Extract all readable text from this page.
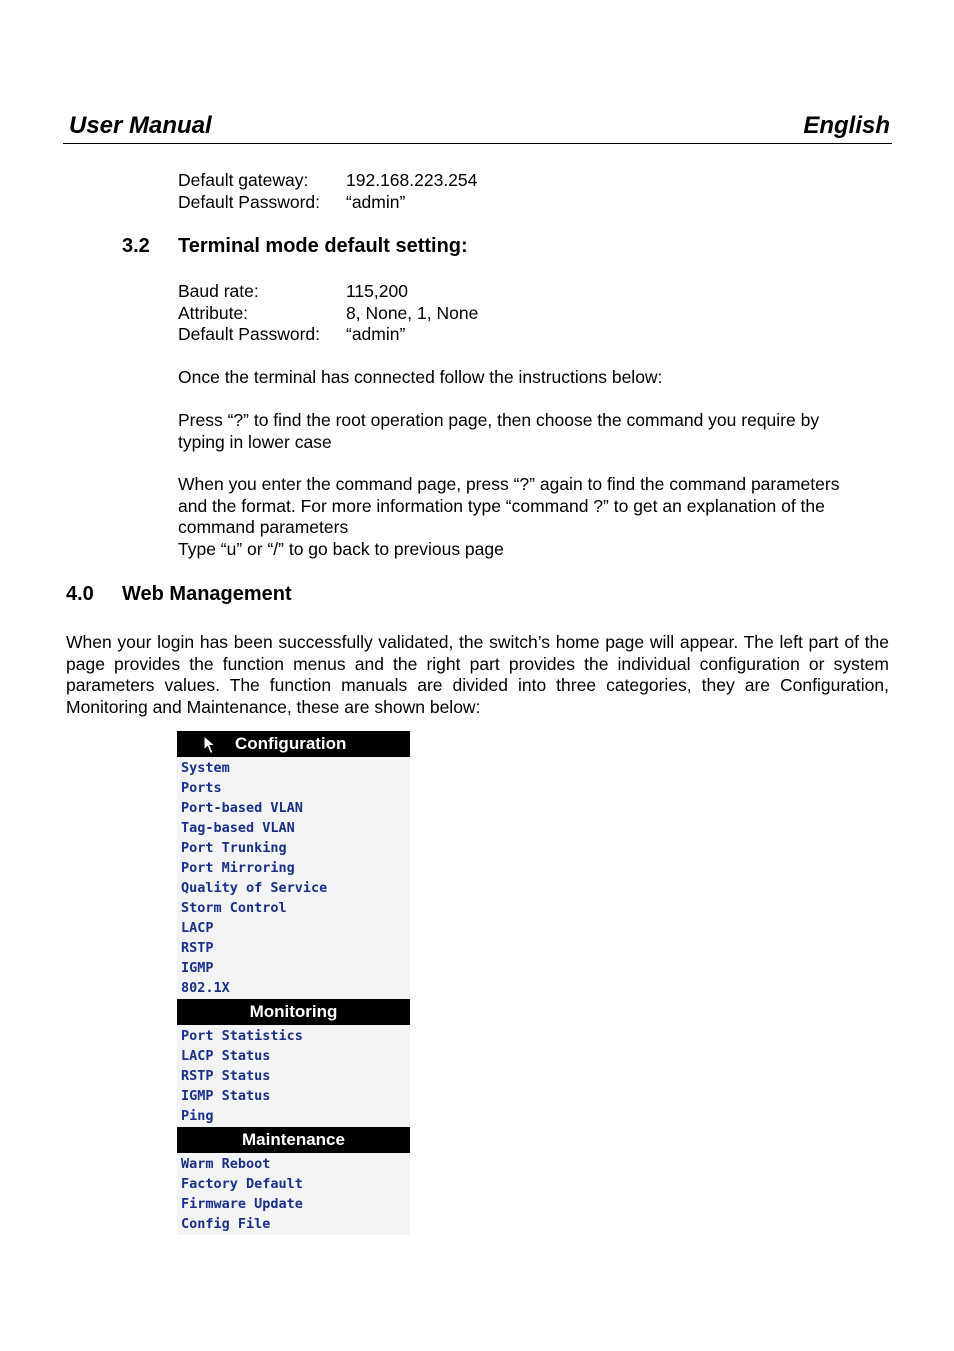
User Manual	English
Default gateway: 192.168.223.254
Default Password: “admin”
3.2 Terminal mode default setting:
Baud rate:	115,200
Attribute:	8, None, 1, None
Default Password: “admin”
Once the terminal has connected follow the instructions below:
Press “?” to find the root operation page, then choose the command you require by
typing in lower case
When you enter the command page, press “?” again to find the command parameters
and the format. For more information type “command ?” to get an explanation of the
command parameters
Type “u” or “/” to go back to previous page
4.0 Web Management
When your login has been successfully validated, the switch’s home page will appear. The left part of the page provides the function menus and the right part provides the individual configuration or system parameters values. The function manuals are divided into three categories, they are Configuration, Monitoring and Maintenance, these are shown below:
Configuration
System
Ports
Port-based VLAN
Tag-based VLAN
Port Trunking
Port Mirroring
Quality of Service
Storm Control
LACP
RSTP
IGMP
802.1X
Monitoring
Port Statistics
LACP Status
RSTP Status
IGMP Status
Ping
Maintenance
Warm Reboot
Factory Default
Firmware Update
Config File
